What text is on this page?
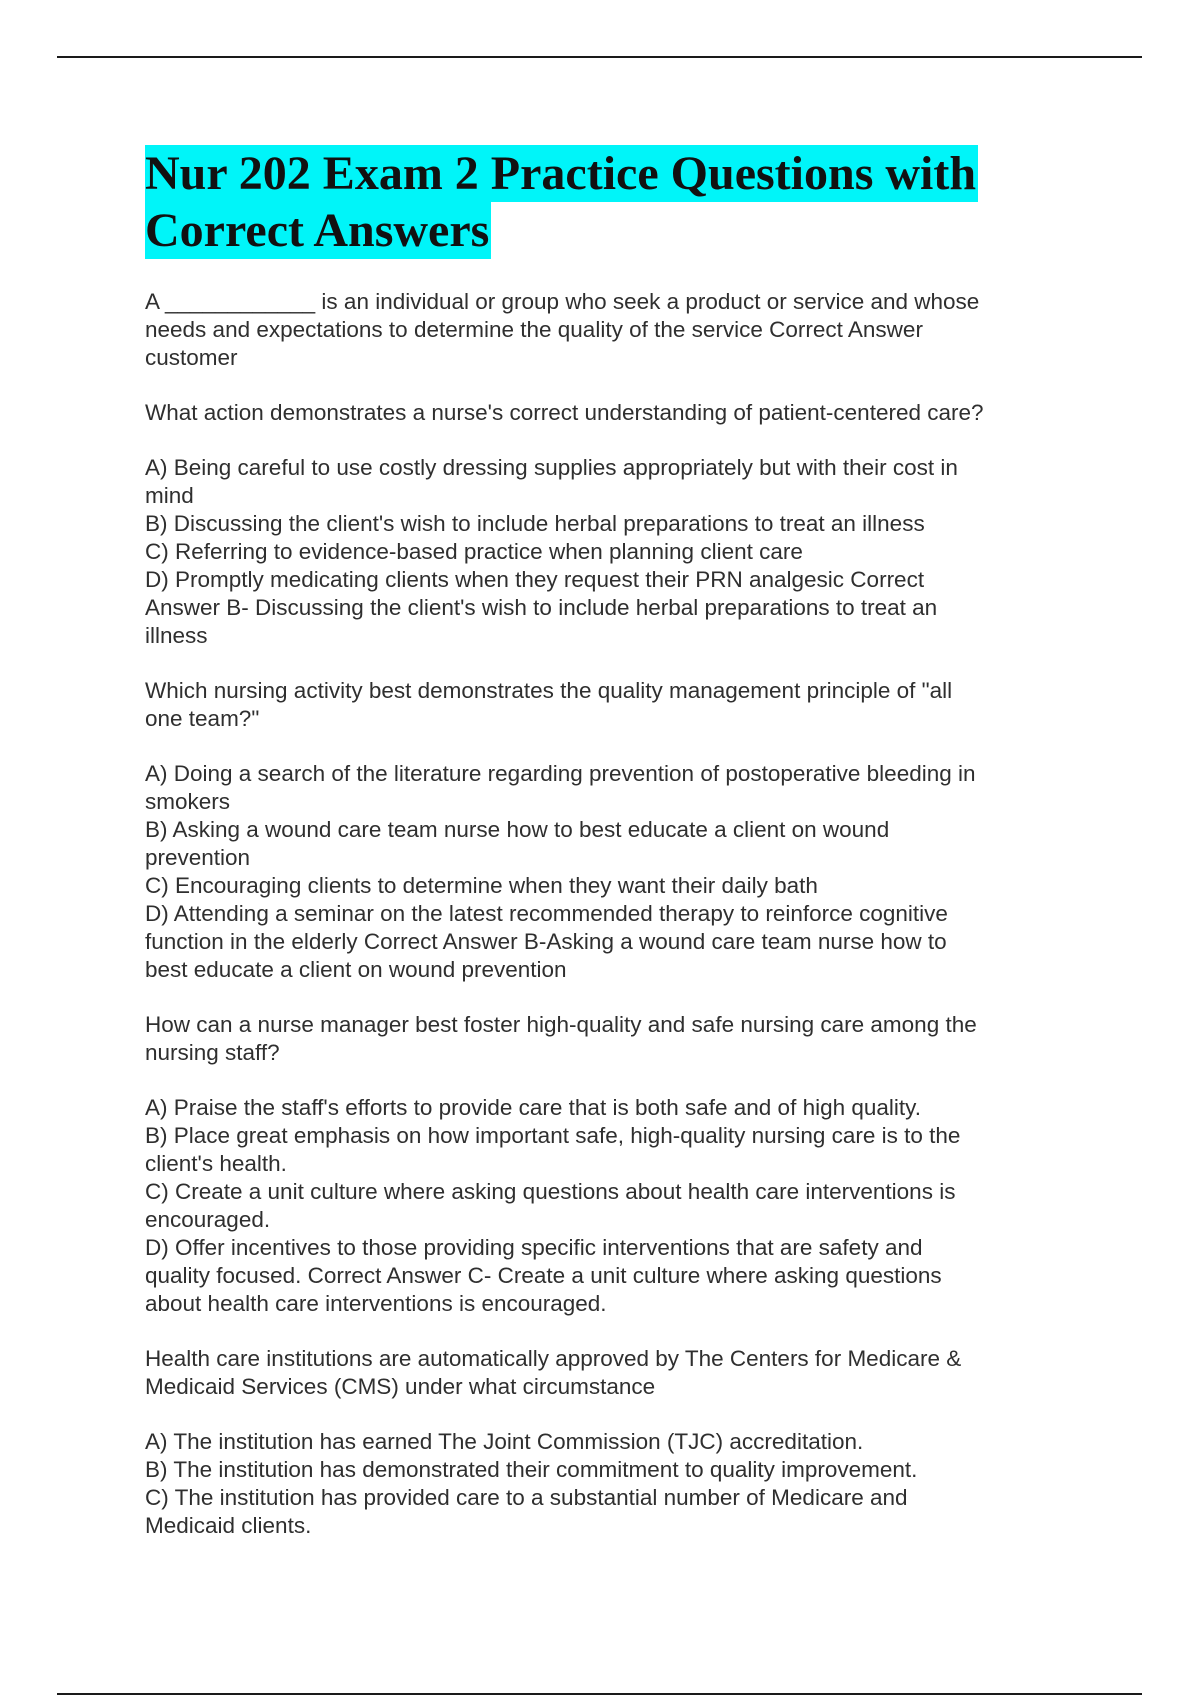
Nur 202 Exam 2 Practice Questions with
Correct Answers
A ____________ is an individual or group who seek a product or service and whose
needs and expectations to determine the quality of the service Correct Answer
customer
What action demonstrates a nurse's correct understanding of patient-centered care?
A) Being careful to use costly dressing supplies appropriately but with their cost in
mind
B) Discussing the client's wish to include herbal preparations to treat an illness
C) Referring to evidence-based practice when planning client care
D) Promptly medicating clients when they request their PRN analgesic Correct
Answer B- Discussing the client's wish to include herbal preparations to treat an
illness
Which nursing activity best demonstrates the quality management principle of "all
one team?"
A) Doing a search of the literature regarding prevention of postoperative bleeding in
smokers
B) Asking a wound care team nurse how to best educate a client on wound
prevention
C) Encouraging clients to determine when they want their daily bath
D) Attending a seminar on the latest recommended therapy to reinforce cognitive
function in the elderly Correct Answer B-Asking a wound care team nurse how to
best educate a client on wound prevention
How can a nurse manager best foster high-quality and safe nursing care among the
nursing staff?
A) Praise the staff's efforts to provide care that is both safe and of high quality.
B) Place great emphasis on how important safe, high-quality nursing care is to the
client's health.
C) Create a unit culture where asking questions about health care interventions is
encouraged.
D) Offer incentives to those providing specific interventions that are safety and
quality focused. Correct Answer C- Create a unit culture where asking questions
about health care interventions is encouraged.
Health care institutions are automatically approved by The Centers for Medicare &
Medicaid Services (CMS) under what circumstance
A) The institution has earned The Joint Commission (TJC) accreditation.
B) The institution has demonstrated their commitment to quality improvement.
C) The institution has provided care to a substantial number of Medicare and
Medicaid clients.
